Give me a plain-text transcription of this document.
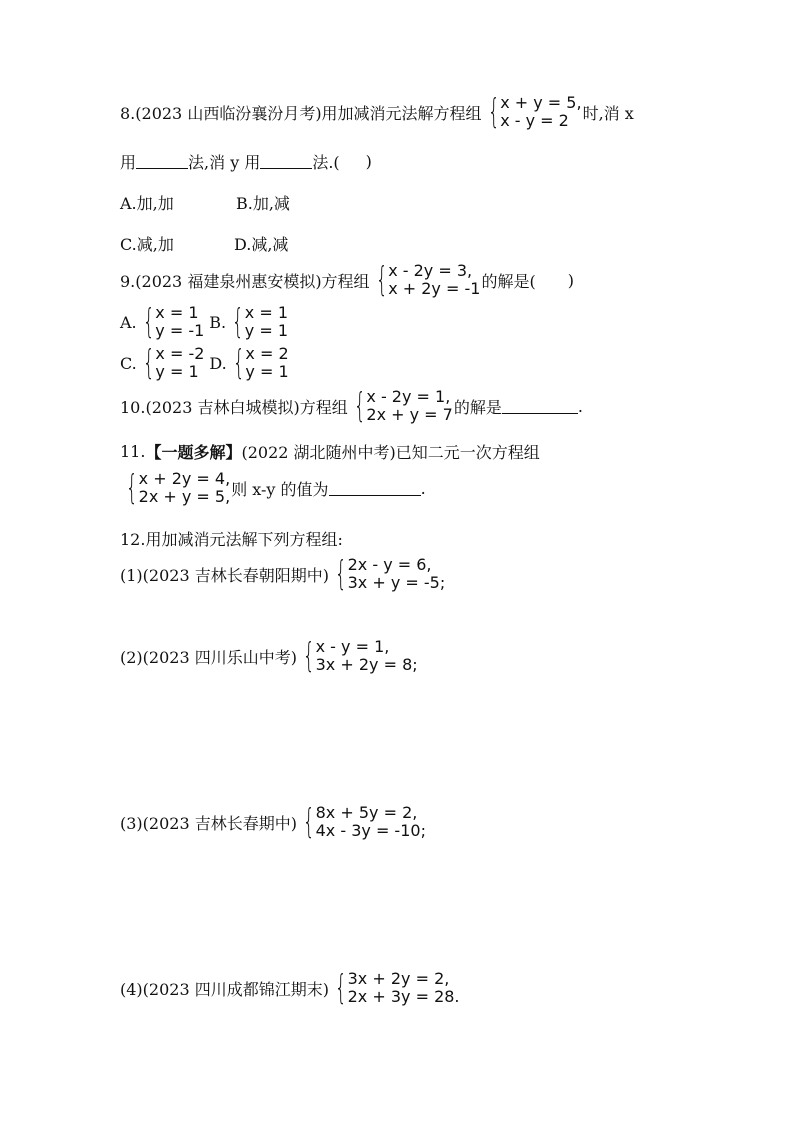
8.(2023 山西临汾襄汾月考)用加减消元法解方程组 { x + y = 5,
x - y = 2 时,消 x
用	法,消 y 用	法.( )
A.加,加	B.加,减
C.减,加	D.减,减
9.(2023 福建泉州惠安模拟)方程组 { x - 2y = 3,
x + 2y = -1 的解是( )
A. { x = 1
y = -1 B. { x = 1
y = 1
C. { x = -2
y = 1 D. { x = 2
y = 1
10.(2023 吉林白城模拟)方程组 { x - 2y = 1,
2x + y = 7 的解是	.
11. 【一题多解】 (2022 湖北随州中考)已知二元一次方程组
{ x + 2y = 4,
2x + y = 5, 则 x-y 的值为	.
12.用加减消元法解下列方程组:
(1)(2023 吉林长春朝阳期中) { 2x - y = 6,
3x + y = -5;
(2)(2023 四川乐山中考) { x - y = 1,
3x + 2y = 8;
(3)(2023 吉林长春期中) { 8x + 5y = 2,
4x - 3y = -10;
(4)(2023 四川成都锦江期末) { 3x + 2y = 2,
2x + 3y = 28.
